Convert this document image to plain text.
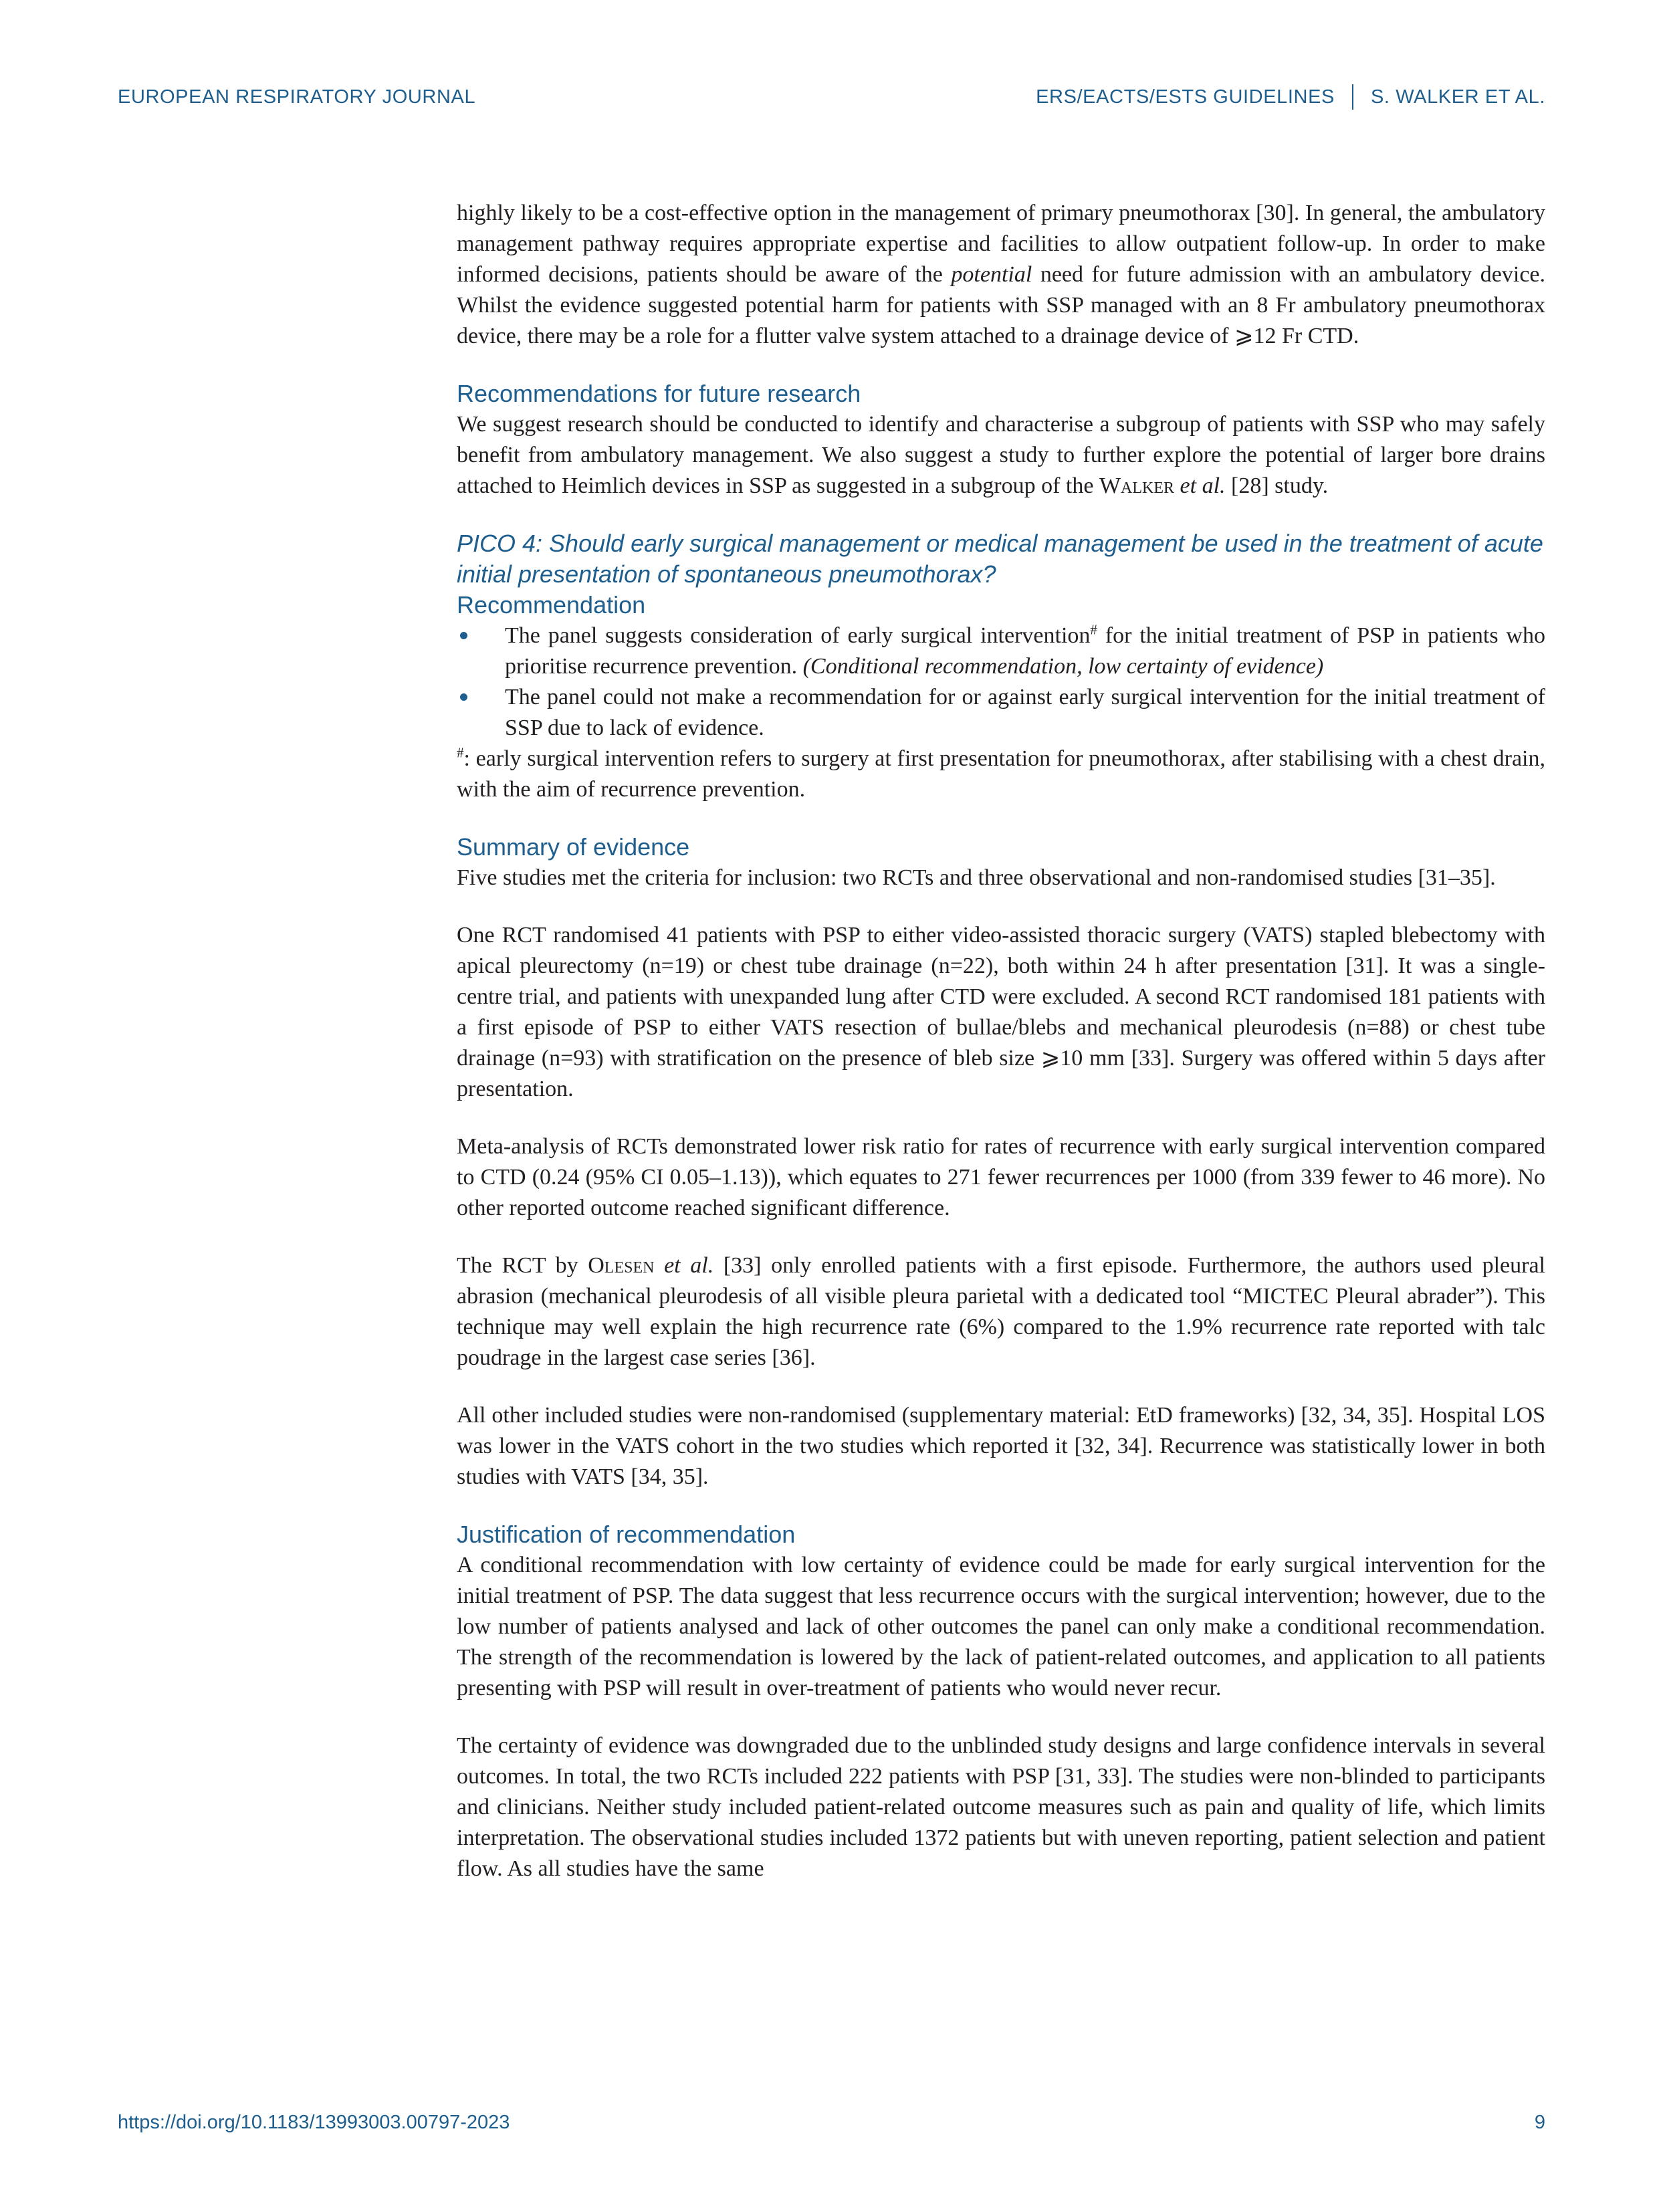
EUROPEAN RESPIRATORY JOURNAL	ERS/EACTS/ESTS GUIDELINES S. WALKER ET AL.

highly likely to be a cost-effective option in the management of primary pneumothorax [30]. In general, the ambulatory management pathway requires appropriate expertise and facilities to allow outpatient follow-up. In order to make informed decisions, patients should be aware of the potential need for future admission with an ambulatory device. Whilst the evidence suggested potential harm for patients with SSP managed with an 8 Fr ambulatory pneumothorax device, there may be a role for a flutter valve system attached to a drainage device of ⩾12 Fr CTD.

Recommendations for future research

We suggest research should be conducted to identify and characterise a subgroup of patients with SSP who may safely benefit from ambulatory management. We also suggest a study to further explore the potential of larger bore drains attached to Heimlich devices in SSP as suggested in a subgroup of the Walker et al. [28] study.

PICO 4: Should early surgical management or medical management be used in the treatment of acute initial presentation of spontaneous pneumothorax?
Recommendation

The panel suggests consideration of early surgical intervention# for the initial treatment of PSP in patients who prioritise recurrence prevention. (Conditional recommendation, low certainty of evidence)

The panel could not make a recommendation for or against early surgical intervention for the initial treatment of SSP due to lack of evidence.

#: early surgical intervention refers to surgery at first presentation for pneumothorax, after stabilising with a chest drain, with the aim of recurrence prevention.

Summary of evidence

Five studies met the criteria for inclusion: two RCTs and three observational and non-randomised studies [31–35].

One RCT randomised 41 patients with PSP to either video-assisted thoracic surgery (VATS) stapled blebectomy with apical pleurectomy (n=19) or chest tube drainage (n=22), both within 24 h after presentation [31]. It was a single-centre trial, and patients with unexpanded lung after CTD were excluded. A second RCT randomised 181 patients with a first episode of PSP to either VATS resection of bullae/blebs and mechanical pleurodesis (n=88) or chest tube drainage (n=93) with stratification on the presence of bleb size ⩾10 mm [33]. Surgery was offered within 5 days after presentation.

Meta-analysis of RCTs demonstrated lower risk ratio for rates of recurrence with early surgical intervention compared to CTD (0.24 (95% CI 0.05–1.13)), which equates to 271 fewer recurrences per 1000 (from 339 fewer to 46 more). No other reported outcome reached significant difference.

The RCT by Olesen et al. [33] only enrolled patients with a first episode. Furthermore, the authors used pleural abrasion (mechanical pleurodesis of all visible pleura parietal with a dedicated tool “MICTEC Pleural abrader”). This technique may well explain the high recurrence rate (6%) compared to the 1.9% recurrence rate reported with talc poudrage in the largest case series [36].

All other included studies were non-randomised (supplementary material: EtD frameworks) [32, 34, 35]. Hospital LOS was lower in the VATS cohort in the two studies which reported it [32, 34]. Recurrence was statistically lower in both studies with VATS [34, 35].

Justification of recommendation

A conditional recommendation with low certainty of evidence could be made for early surgical intervention for the initial treatment of PSP. The data suggest that less recurrence occurs with the surgical intervention; however, due to the low number of patients analysed and lack of other outcomes the panel can only make a conditional recommendation. The strength of the recommendation is lowered by the lack of patient-related outcomes, and application to all patients presenting with PSP will result in over-treatment of patients who would never recur.

The certainty of evidence was downgraded due to the unblinded study designs and large confidence intervals in several outcomes. In total, the two RCTs included 222 patients with PSP [31, 33]. The studies were non-blinded to participants and clinicians. Neither study included patient-related outcome measures such as pain and quality of life, which limits interpretation. The observational studies included 1372 patients but with uneven reporting, patient selection and patient flow. As all studies have the same

https://doi.org/10.1183/13993003.00797-2023	9
